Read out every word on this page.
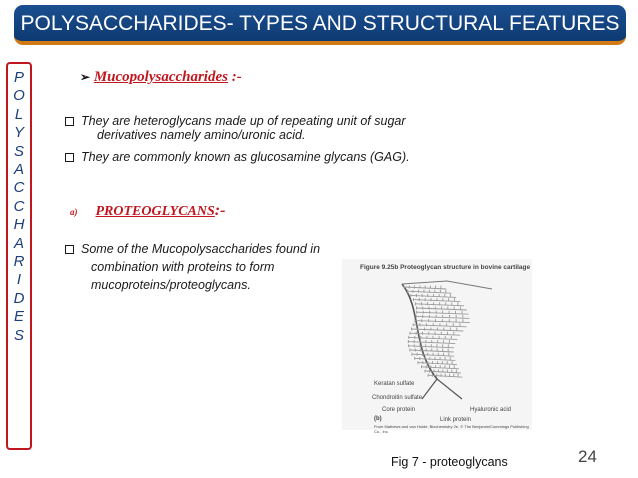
POLYSACCHARIDES- TYPES AND STRUCTURAL FEATURES
P
O
L
Y
S
A
C
C
H
A
R
I
D
E
S
➢ Mucopolysaccharides :-
They are heteroglycans made up of repeating unit of sugar
derivatives namely amino/uronic acid.
They are commonly known as glucosamine glycans (GAG).
a) PROTEOGLYCANS:-
Some of the Mucopolysaccharides found in
combination with proteins to form
mucoproteins/proteoglycans.
Figure 9.25b Proteoglycan structure in bovine cartilage
Keratan sulfate
Chondroitin sulfate
Core protein
Link protein
Hyaluronic acid
(b)
From Mathews and van Holde: Biochemistry 2e, © The Benjamin/Cummings Publishing Co., Inc.
Fig 7 - proteoglycans	24
